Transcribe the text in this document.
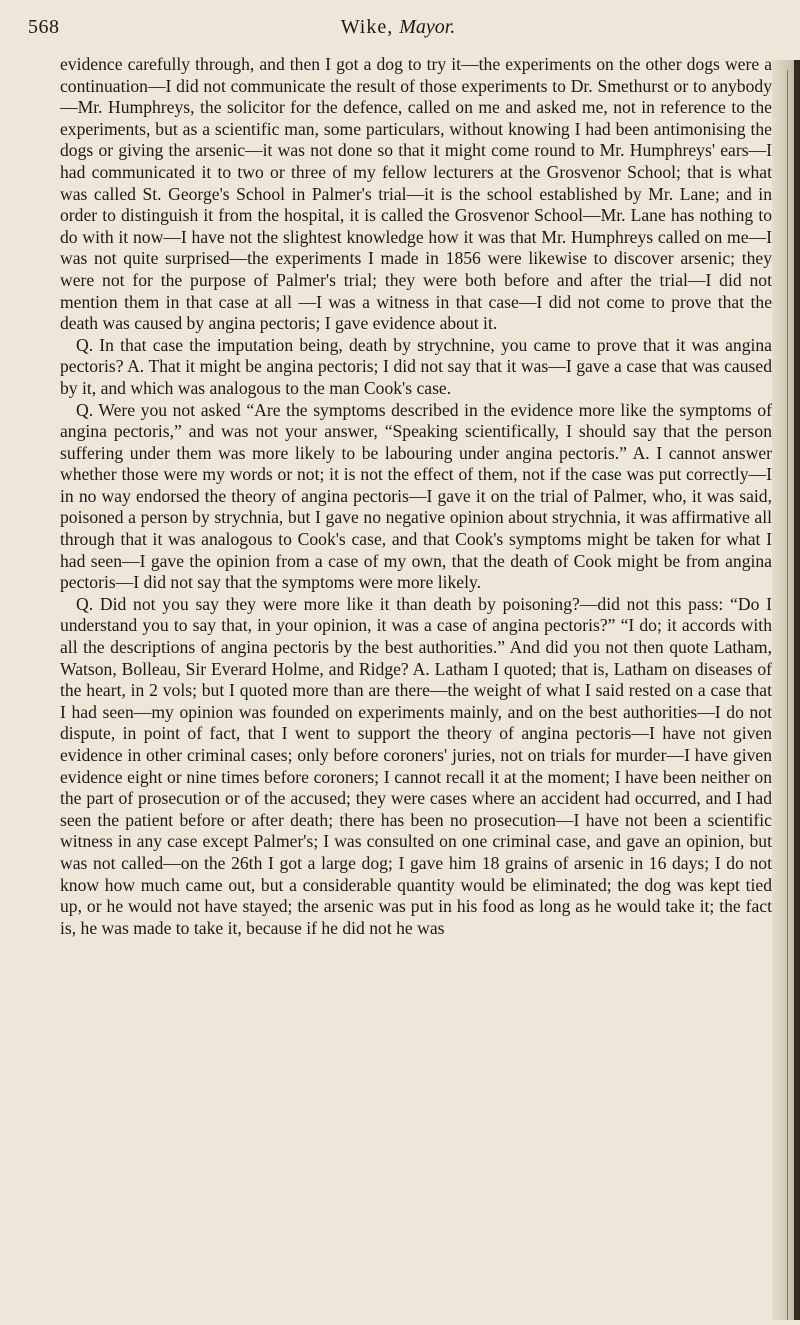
568	Wike, Mayor.

evidence carefully through, and then I got a dog to try it—the experiments on the other dogs were a continuation—I did not communicate the result of those experiments to Dr. Smethurst or to anybody—Mr. Humphreys, the solicitor for the defence, called on me and asked me, not in reference to the experiments, but as a scientific man, some particulars, without knowing I had been antimonising the dogs or giving the arsenic—it was not done so that it might come round to Mr. Humphreys' ears—I had communicated it to two or three of my fellow lecturers at the Grosvenor School; that is what was called St. George's School in Palmer's trial—it is the school established by Mr. Lane; and in order to distinguish it from the hospital, it is called the Grosvenor School—Mr. Lane has nothing to do with it now—I have not the slightest knowledge how it was that Mr. Humphreys called on me—I was not quite surprised—the experiments I made in 1856 were likewise to discover arsenic; they were not for the purpose of Palmer's trial; they were both before and after the trial—I did not mention them in that case at all —I was a witness in that case—I did not come to prove that the death was caused by angina pectoris; I gave evidence about it.

Q. In that case the imputation being, death by strychnine, you came to prove that it was angina pectoris? A. That it might be angina pectoris; I did not say that it was—I gave a case that was caused by it, and which was analogous to the man Cook's case.

Q. Were you not asked “Are the symptoms described in the evidence more like the symptoms of angina pectoris,” and was not your answer, “Speaking scientifically, I should say that the person suffering under them was more likely to be labouring under angina pectoris.” A. I cannot answer whether those were my words or not; it is not the effect of them, not if the case was put correctly—I in no way endorsed the theory of angina pectoris—I gave it on the trial of Palmer, who, it was said, poisoned a person by strychnia, but I gave no negative opinion about strychnia, it was affirmative all through that it was analogous to Cook's case, and that Cook's symptoms might be taken for what I had seen—I gave the opinion from a case of my own, that the death of Cook might be from angina pectoris—I did not say that the symptoms were more likely.

Q. Did not you say they were more like it than death by poisoning?—did not this pass: “Do I understand you to say that, in your opinion, it was a case of angina pectoris?” “I do; it accords with all the descriptions of angina pectoris by the best authorities.” And did you not then quote Latham, Watson, Bolleau, Sir Everard Holme, and Ridge? A. Latham I quoted; that is, Latham on diseases of the heart, in 2 vols; but I quoted more than are there—the weight of what I said rested on a case that I had seen—my opinion was founded on experiments mainly, and on the best authorities—I do not dispute, in point of fact, that I went to support the theory of angina pectoris—I have not given evidence in other criminal cases; only before coroners' juries, not on trials for murder—I have given evidence eight or nine times before coroners; I cannot recall it at the moment; I have been neither on the part of prosecution or of the accused; they were cases where an accident had occurred, and I had seen the patient before or after death; there has been no prosecution—I have not been a scientific witness in any case except Palmer's; I was consulted on one criminal case, and gave an opinion, but was not called—on the 26th I got a large dog; I gave him 18 grains of arsenic in 16 days; I do not know how much came out, but a considerable quantity would be eliminated; the dog was kept tied up, or he would not have stayed; the arsenic was put in his food as long as he would take it; the fact is, he was made to take it, because if he did not he was
